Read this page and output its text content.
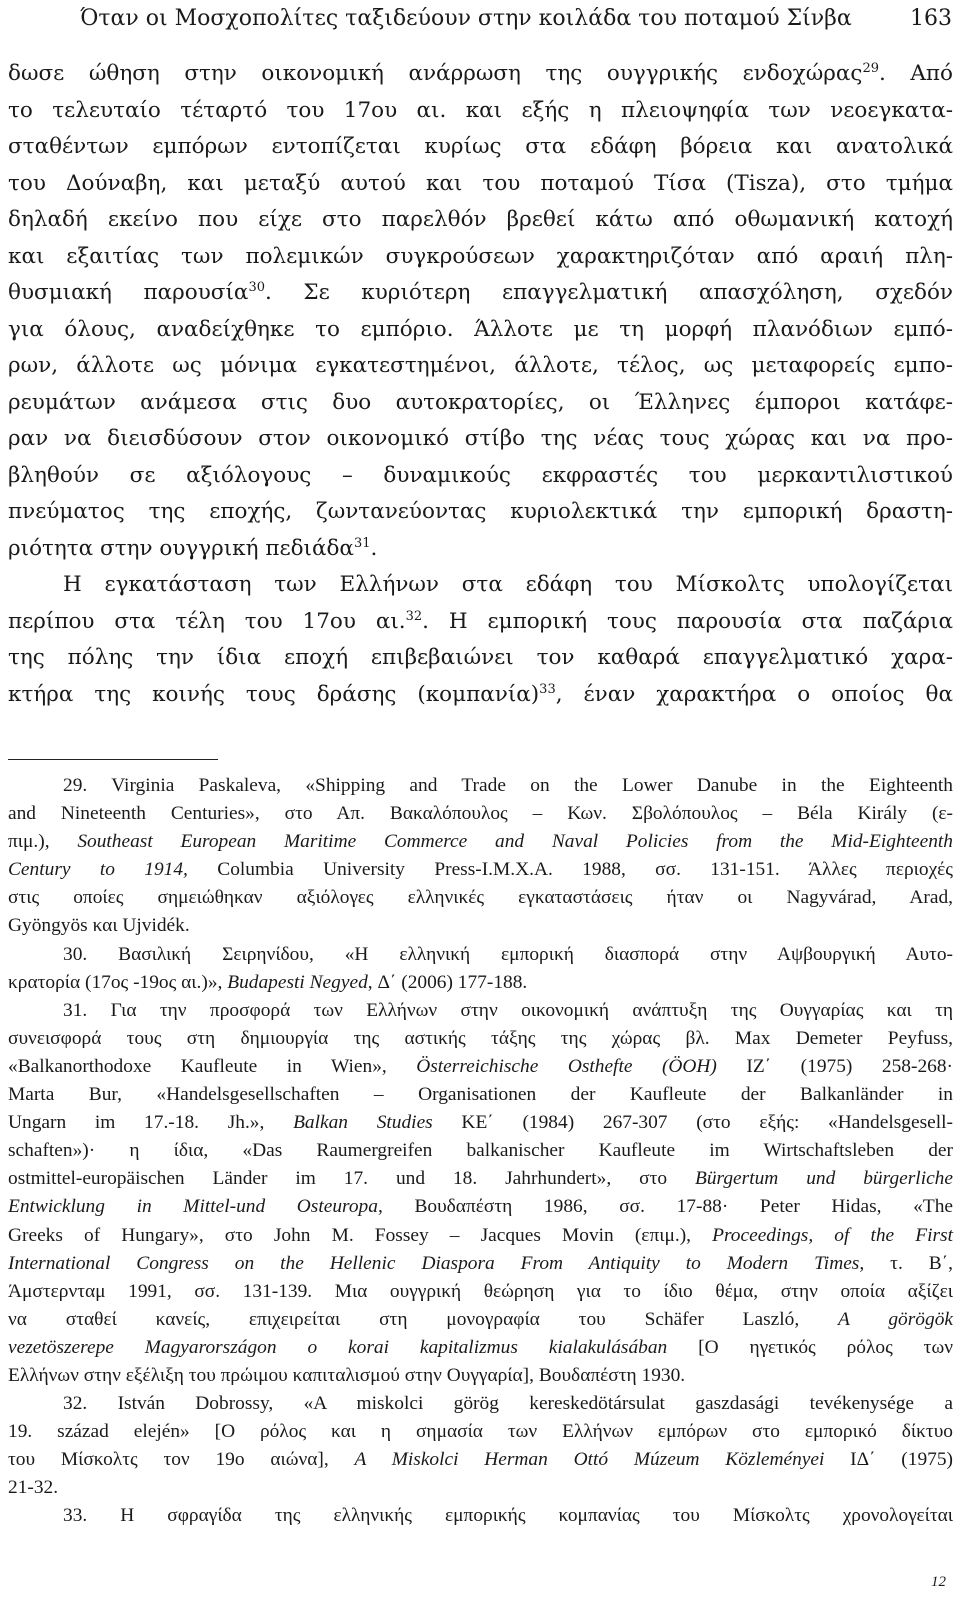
Όταν οι Μοσχοπολίτες ταξιδεύουν στην κοιλάδα του ποταμού Σίνβα	163
δωσε ώθηση στην οικονομική ανάρρωση της ουγγρικής ενδοχώρας$^{29}$. Από
το τελευταίο τέταρτό του 17ου αι. και εξής η πλειοψηφία των νεοεγκατα-
σταθέντων εμπόρων εντοπίζεται κυρίως στα εδάφη βόρεια και ανατολικά
του Δούναβη, και μεταξύ αυτού και του ποταμού Τίσα (Tisza), στο τμήμα
δηλαδή εκείνο που είχε στο παρελθόν βρεθεί κάτω από οθωμανική κατοχή
και εξαιτίας των πολεμικών συγκρούσεων χαρακτηριζόταν από αραιή πλη-
θυσμιακή παρουσία$^{30}$. Σε κυριότερη επαγγελματική απασχόληση, σχεδόν
για όλους, αναδείχθηκε το εμπόριο. Άλλοτε με τη μορφή πλανόδιων εμπό-
ρων, άλλοτε ως μόνιμα εγκατεστημένοι, άλλοτε, τέλος, ως μεταφορείς εμπο-
ρευμάτων ανάμεσα στις δυο αυτοκρατορίες, οι Έλληνες έμποροι κατάφε-
ραν να διεισδύσουν στον οικονομικό στίβο της νέας τους χώρας και να προ-
βληθούν σε αξιόλογους – δυναμικούς εκφραστές του μερκαντιλιστικού
πνεύματος της εποχής, ζωντανεύοντας κυριολεκτικά την εμπορική δραστη-
ριότητα στην ουγγρική πεδιάδα$^{31}$.
Η εγκατάσταση των Ελλήνων στα εδάφη του Μίσκολτς υπολογίζεται
περίπου στα τέλη του 17ου αι.$^{32}$. Η εμπορική τους παρουσία στα παζάρια
της πόλης την ίδια εποχή επιβεβαιώνει τον καθαρά επαγγελματικό χαρα-
κτήρα της κοινής τους δράσης $(\kappa o\mu\pi\alpha\nu ί\alpha)^{33}$, έναν χαρακτήρα ο οποίος θα
29. Virginia Paskaleva, «Shipping and Trade on the Lower Danube in the Eighteenth
and Nineteenth Centuries», στο Απ. Βακαλόπουλος – Κων. Σβολόπουλος – Béla Király (ε-
πιμ.), Southeast European Maritime Commerce and Naval Policies from the Mid-Eighteenth
Century to 1914, Columbia University Press-I.M.X.A. 1988, σσ. 131-151. Άλλες περιοχές
στις οποίες σημειώθηκαν αξιόλογες ελληνικές εγκαταστάσεις ήταν οι Nagyvárad, Arad,
Gyöngyös και Ujvidék.
30. Βασιλική Σειρηνίδου, «Η ελληνική εμπορική διασπορά στην Αψβουργική Αυτο-
κρατορία (17ος -19ος αι.)», Budapesti Negyed, Δ΄ (2006) 177-188.
31. Για την προσφορά των Ελλήνων στην οικονομική ανάπτυξη της Ουγγαρίας και τη
συνεισφορά τους στη δημιουργία της αστικής τάξης της χώρας βλ. Max Demeter Peyfuss,
«Balkanorthodoxe Kaufleute in Wien», Österreichische Osthefte (ÖOH) ΙΖ΄ (1975) 258-268·
Marta Bur, «Handelsgesellschaften – Organisationen der Kaufleute der Balkanländer in
Ungarn im 17.-18. Jh.», Balkan Studies ΚΕ΄ (1984) 267-307 (στο εξής: «Handelsgesell-
schaften»)· η ίδια, «Das Raumergreifen balkanischer Kaufleute im Wirtschaftsleben der
ostmittel-europäischen Länder im 17. und 18. Jahrhundert», στο Bürgertum und bürgerliche
Entwicklung in Mittel-und Osteuropa, Βουδαπέστη 1986, σσ. 17-88· Peter Hidas, «The
Greeks of Hungary», στο John M. Fossey – Jacques Movin (επιμ.), Proceedings, of the First
International Congress on the Hellenic Diaspora From Antiquity to Modern Times, τ. Β΄,
Άμστερνταμ 1991, σσ. 131-139. Μια ουγγρική θεώρηση για το ίδιο θέμα, στην οποία αξίζει
να σταθεί κανείς, επιχειρείται στη μονογραφία του Schäfer Laszló, A görögök
vezetöszerepe Magyarországon o korai kapitalizmus kialakulásában [Ο ηγετικός ρόλος των
Ελλήνων στην εξέλιξη του πρώιμου καπιταλισμού στην Ουγγαρία], Βουδαπέστη 1930.
32. István Dobrossy, «A miskolci görög kereskedötársulat gaszdasági tevékenysége a
19. század elején» [Ο ρόλος και η σημασία των Ελλήνων εμπόρων στο εμπορικό δίκτυο
του Μίσκολτς τον 19ο αιώνα], A Miskolci Herman Ottó Múzeum Közleményei ΙΔ΄ (1975)
21-32.
33. Η σφραγίδα της ελληνικής εμπορικής κομπανίας του Μίσκολτς χρονολογείται
12
